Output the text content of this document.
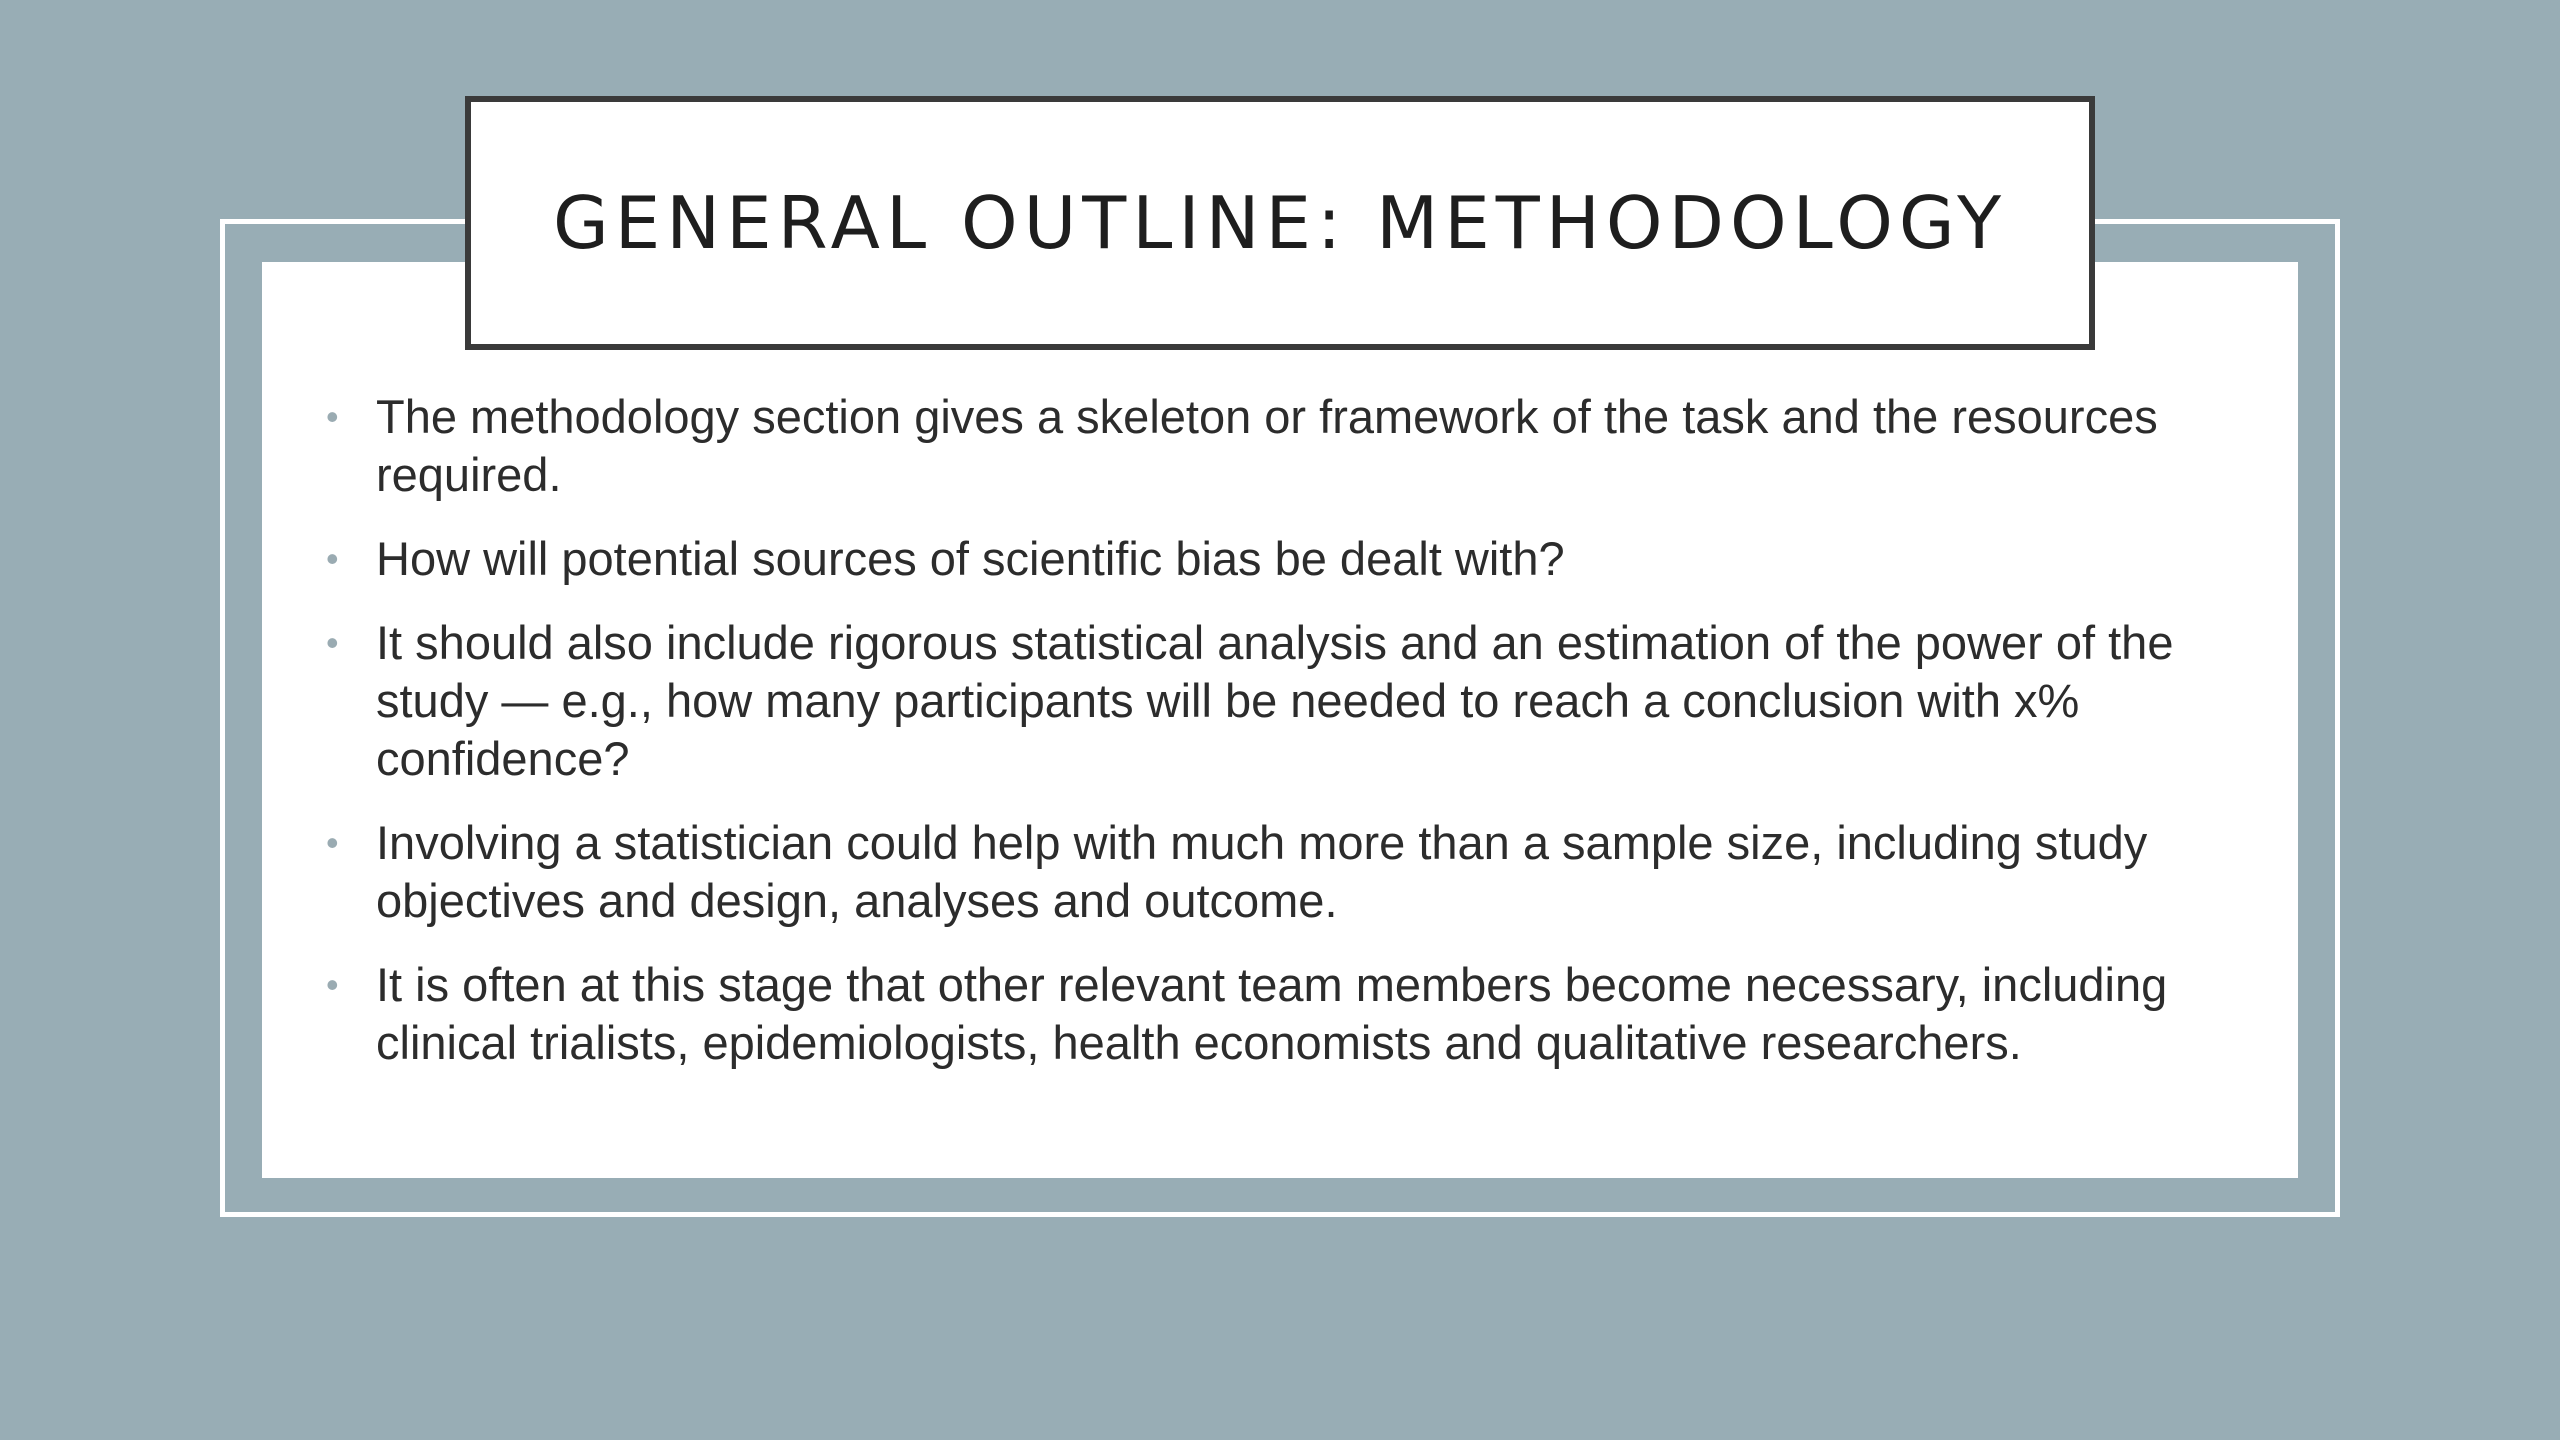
GENERAL OUTLINE: METHODOLOGY
• The methodology section gives a skeleton or framework of the task and the resources required.
• How will potential sources of scientific bias be dealt with?
• It should also include rigorous statistical analysis and an estimation of the power of the study — e.g., how many participants will be needed to reach a conclusion with x% confidence?
• Involving a statistician could help with much more than a sample size, including study objectives and design, analyses and outcome.
• It is often at this stage that other relevant team members become necessary, including clinical trialists, epidemiologists, health economists and qualitative researchers.
